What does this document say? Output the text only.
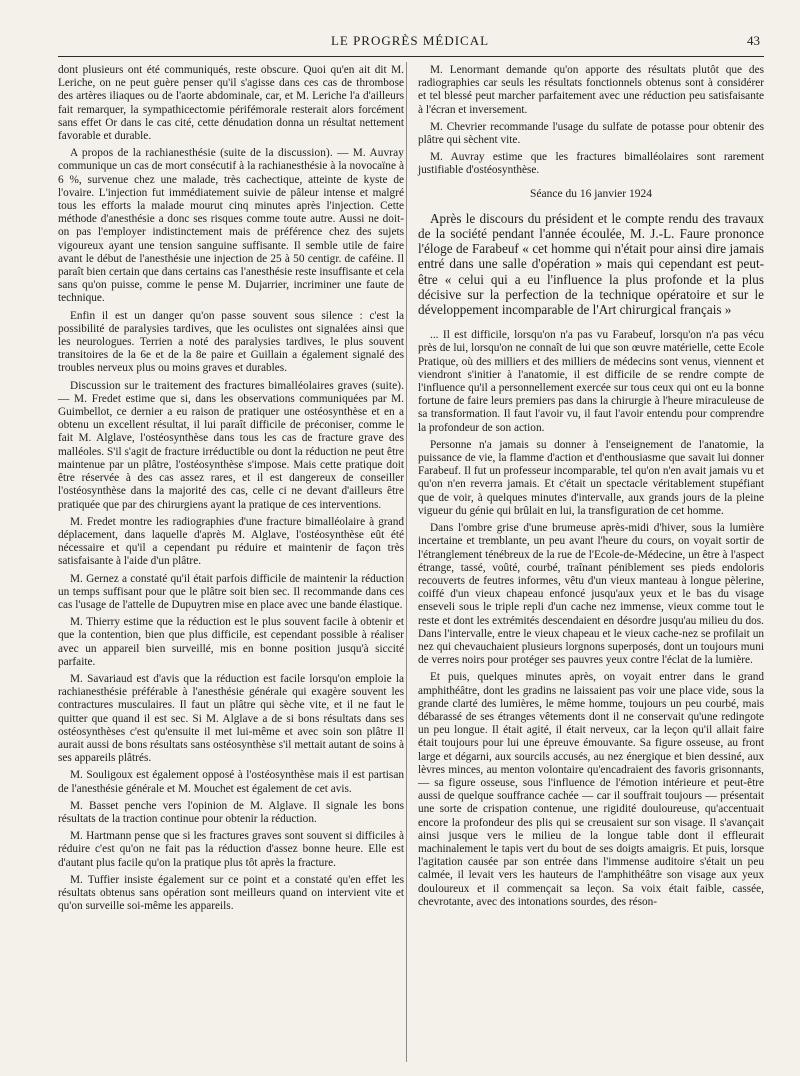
LE PROGRÈS MÉDICAL	43

dont plusieurs ont été communiqués, reste obscure. Quoi qu'en ait dit M. Leriche, on ne peut guère penser qu'il s'agisse dans ces cas de thrombose des artères iliaques ou de l'aorte abdominale, car, et M. Leriche l'a d'ailleurs fait remarquer, la sympathicectomie périfémorale resterait alors forcément sans effet Or dans le cas cité, cette dénudation donna un résultat nettement favorable et durable.

A propos de la rachianesthésie (suite de la discussion). — M. Auvray communique un cas de mort consécutif à la rachianesthésie à la novocaïne à 6 %, survenue chez une malade, très cachectique, atteinte de kyste de l'ovaire. L'injection fut immédiatement suivie de pâleur intense et malgré tous les efforts la malade mourut cinq minutes après l'injection. Cette méthode d'anesthésie a donc ses risques comme toute autre. Aussi ne doit-on pas l'employer indistinctement mais de préférence chez des sujets vigoureux ayant une tension sanguine suffisante. Il semble utile de faire avant le début de l'anesthésie une injection de 25 à 50 centigr. de caféine. Il paraît bien certain que dans certains cas l'anesthésie reste insuffisante et cela sans qu'on puisse, comme le pense M. Dujarrier, incriminer une faute de technique.

Enfin il est un danger qu'on passe souvent sous silence : c'est la possibilité de paralysies tardives, que les oculistes ont signalées ainsi que les neurologues. Terrien a noté des paralysies tardives, le plus souvent transitoires de la 6e et de la 8e paire et Guillain a également signalé des troubles nerveux plus ou moins graves et durables.

Discussion sur le traitement des fractures bimalléolaires graves (suite). — M. Fredet estime que si, dans les observations communiquées par M. Guimbellot, ce dernier a eu raison de pratiquer une ostéosynthèse et en a obtenu un excellent résultat, il lui paraît difficile de préconiser, comme le fait M. Alglave, l'ostéosynthèse dans tous les cas de fracture grave des malléoles. S'il s'agit de fracture irréductible ou dont la réduction ne peut être maintenue par un plâtre, l'ostéosynthèse s'impose. Mais cette pratique doit être réservée à des cas assez rares, et il est dangereux de conseiller l'ostéosynthèse dans la majorité des cas, celle ci ne devant d'ailleurs être pratiquée que par des chirurgiens ayant la pratique de ces interventions.

M. Fredet montre les radiographies d'une fracture bimalléolaire à grand déplacement, dans laquelle d'après M. Alglave, l'ostéosynthèse eût été nécessaire et qu'il a cependant pu réduire et maintenir de façon très satisfaisante à l'aide d'un plâtre.

M. Gernez a constaté qu'il était parfois difficile de maintenir la réduction un temps suffisant pour que le plâtre soit bien sec. Il recommande dans ces cas l'usage de l'attelle de Dupuytren mise en place avec une bande élastique.

M. Thierry estime que la réduction est le plus souvent facile à obtenir et que la contention, bien que plus difficile, est cependant possible à réaliser avec un appareil bien surveillé, mis en bonne position jusqu'à siccité parfaite.

M. Savariaud est d'avis que la réduction est facile lorsqu'on emploie la rachianesthésie préférable à l'anesthésie générale qui exagère souvent les contractures musculaires. Il faut un plâtre qui sèche vite, et il ne faut le quitter que quand il est sec. Si M. Alglave a de si bons résultats dans ses ostéosynthèses c'est qu'ensuite il met lui-même et avec soin son plâtre Il aurait aussi de bons résultats sans ostéosynthèse s'il mettait autant de soins à ses appareils plâtrés.

M. Souligoux est également opposé à l'ostéosynthèse mais il est partisan de l'anesthésie générale et M. Mouchet est également de cet avis.

M. Basset penche vers l'opinion de M. Alglave. Il signale les bons résultats de la traction continue pour obtenir la réduction.

M. Hartmann pense que si les fractures graves sont souvent si difficiles à réduire c'est qu'on ne fait pas la réduction d'assez bonne heure. Elle est d'autant plus facile qu'on la pratique plus tôt après la fracture.

M. Tuffier insiste également sur ce point et a constaté qu'en effet les résultats obtenus sans opération sont meilleurs quand on intervient vite et qu'on surveille soi-même les appareils.

M. Lenormant demande qu'on apporte des résultats plutôt que des radiographies car seuls les résultats fonctionnels obtenus sont à considérer et tel blessé peut marcher parfaitement avec une réduction peu satisfaisante à l'écran et inversement.

M. Chevrier recommande l'usage du sulfate de potasse pour obtenir des plâtre qui sèchent vite.

M. Auvray estime que les fractures bimalléolaires sont rarement justifiable d'ostéosynthèse.

Séance du 16 janvier 1924

Après le discours du président et le compte rendu des travaux de la société pendant l'année écoulée, M. J.-L. Faure prononce l'éloge de Farabeuf « cet homme qui n'était pour ainsi dire jamais entré dans une salle d'opération » mais qui cependant est peut-être « celui qui a eu l'influence la plus profonde et la plus décisive sur la perfection de la technique opératoire et sur le développement incomparable de l'Art chirurgical français »

... Il est difficile, lorsqu'on n'a pas vu Farabeuf, lorsqu'on n'a pas vécu près de lui, lorsqu'on ne connaît de lui que son œuvre matérielle, cette Ecole Pratique, où des milliers et des milliers de médecins sont venus, viennent et viendront s'initier à l'anatomie, il est difficile de se rendre compte de l'influence qu'il a personnellement exercée sur tous ceux qui ont eu la bonne fortune de faire leurs premiers pas dans la chirurgie à l'heure miraculeuse de sa transformation. Il faut l'avoir vu, il faut l'avoir entendu pour comprendre la profondeur de son action.

Personne n'a jamais su donner à l'enseignement de l'anatomie, la puissance de vie, la flamme d'action et d'enthousiasme que savait lui donner Farabeuf. Il fut un professeur incomparable, tel qu'on n'en avait jamais vu et qu'on n'en reverra jamais. Et c'était un spectacle véritablement stupéfiant que de voir, à quelques minutes d'intervalle, aux grands jours de la pleine vigueur du génie qui brûlait en lui, la transfiguration de cet homme.

Dans l'ombre grise d'une brumeuse après-midi d'hiver, sous la lumière incertaine et tremblante, un peu avant l'heure du cours, on voyait sortir de l'étranglement ténébreux de la rue de l'Ecole-de-Médecine, un être à l'aspect étrange, tassé, voûté, courbé, traînant péniblement ses pieds endoloris recouverts de feutres informes, vêtu d'un vieux manteau à longue pèlerine, coiffé d'un vieux chapeau enfoncé jusqu'aux yeux et le bas du visage enseveli sous le triple repli d'un cache nez immense, vieux comme tout le reste et dont les extrémités descendaient en désordre jusqu'au milieu du dos. Dans l'intervalle, entre le vieux chapeau et le vieux cache-nez se profilait un nez qui chevauchaient plusieurs lorgnons superposés, dont un toujours muni de verres noirs pour protéger ses pauvres yeux contre l'éclat de la lumière.

Et puis, quelques minutes après, on voyait entrer dans le grand amphithéâtre, dont les gradins ne laissaient pas voir une place vide, sous la grande clarté des lumières, le même homme, toujours un peu courbé, mais débarassé de ses étranges vêtements dont il ne conservait qu'une redingote un peu longue. Il était agité, il était nerveux, car la leçon qu'il allait faire était toujours pour lui une épreuve émouvante. Sa figure osseuse, au front large et dégarni, aux sourcils accusés, au nez énergique et bien dessiné, aux lèvres minces, au menton volontaire qu'encadraient des favoris grisonnants, — sa figure osseuse, sous l'influence de l'émotion intérieure et peut-être aussi de quelque souffrance cachée — car il souffrait toujours — présentait une sorte de crispation contenue, une rigidité douloureuse, qu'accentuait encore la profondeur des plis qui se creusaient sur son visage. Il s'avançait ainsi jusque vers le milieu de la longue table dont il effleurait machinalement le tapis vert du bout de ses doigts amaigris. Et puis, lorsque l'agitation causée par son entrée dans l'immense auditoire s'était un peu calmée, il levait vers les hauteurs de l'amphithéâtre son visage aux yeux douloureux et il commençait sa leçon. Sa voix était faible, cassée, chevrotante, avec des intonations sourdes, des réson-
